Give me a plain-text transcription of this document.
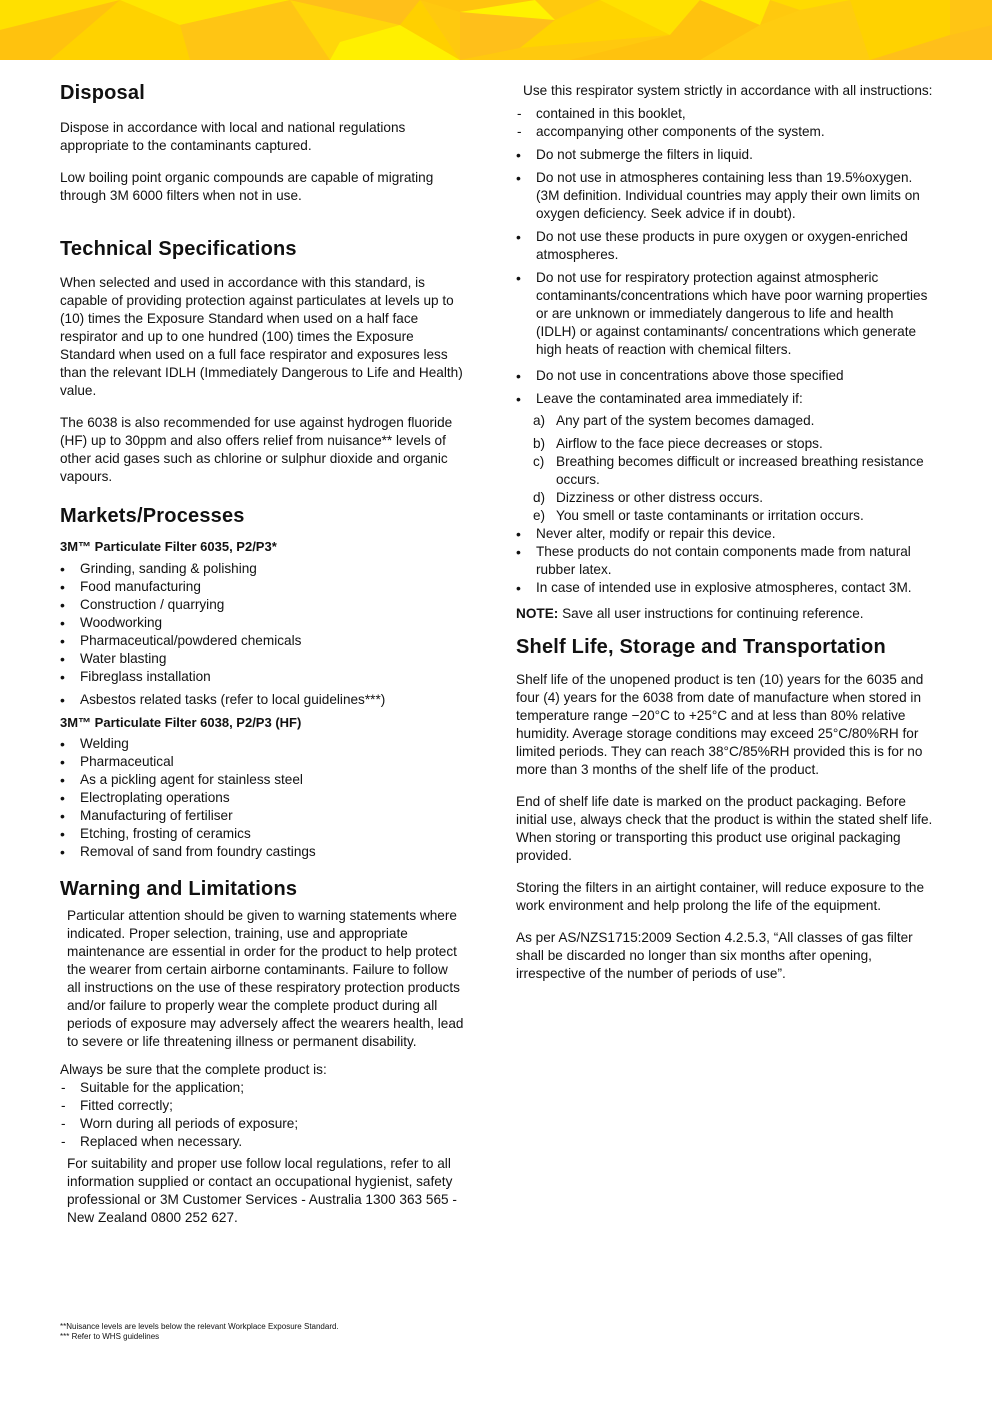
Disposal

Dispose in accordance with local and national regulations appropriate to the contaminants captured.

Low boiling point organic compounds are capable of migrating through 3M 6000 filters when not in use.

Technical Specifications

When selected and used in accordance with this standard, is capable of providing protection against particulates at levels up to (10) times the Exposure Standard when used on a half face respirator and up to one hundred (100) times the Exposure Standard when used on a full face respirator and exposures less than the relevant IDLH (Immediately Dangerous to Life and Health) value.

The 6038 is also recommended for use against hydrogen fluoride (HF) up to 30ppm and also offers relief from nuisance** levels of other acid gases such as chlorine or sulphur dioxide and organic vapours.

Markets/Processes

3M™ Particulate Filter 6035, P2/P3*

• Grinding, sanding & polishing
• Food manufacturing
• Construction / quarrying
• Woodworking
• Pharmaceutical/powdered chemicals
• Water blasting
• Fibreglass installation
• Asbestos related tasks (refer to local guidelines***)

3M™ Particulate Filter 6038, P2/P3 (HF)

• Welding
• Pharmaceutical
• As a pickling agent for stainless steel
• Electroplating operations
• Manufacturing of fertiliser
• Etching, frosting of ceramics
• Removal of sand from foundry castings
Warning and Limitations

Particular attention should be given to warning statements where indicated. Proper selection, training, use and appropriate maintenance are essential in order for the product to help protect the wearer from certain airborne contaminants. Failure to follow all instructions on the use of these respiratory protection products and/or failure to properly wear the complete product during all periods of exposure may adversely affect the wearers health, lead to severe or life threatening illness or permanent disability.

Always be sure that the complete product is:

- Suitable for the application;
- Fitted correctly;
- Worn during all periods of exposure;
- Replaced when necessary.

For suitability and proper use follow local regulations, refer to all information supplied or contact an occupational hygienist, safety professional or 3M Customer Services - Australia 1300 363 565 - New Zealand 0800 252 627.

Use this respirator system strictly in accordance with all instructions:

- contained in this booklet,
- accompanying other components of the system.
• Do not submerge the filters in liquid.
• Do not use in atmospheres containing less than 19.5%oxygen. (3M definition. Individual countries may apply their own limits on oxygen deficiency. Seek advice if in doubt).
• Do not use these products in pure oxygen or oxygen-enriched atmospheres.
• Do not use for respiratory protection against atmospheric contaminants/concentrations which have poor warning properties or are unknown or immediately dangerous to life and health (IDLH) or against contaminants/ concentrations which generate high heats of reaction with chemical filters.
• Do not use in concentrations above those specified
• Leave the contaminated area immediately if:
a) Any part of the system becomes damaged.
b) Airflow to the face piece decreases or stops.
c) Breathing becomes difficult or increased breathing resistance occurs.
d) Dizziness or other distress occurs.
e) You smell or taste contaminants or irritation occurs.
• Never alter, modify or repair this device.
• These products do not contain components made from natural rubber latex.
• In case of intended use in explosive atmospheres, contact 3M.

NOTE: Save all user instructions for continuing reference.

Shelf Life, Storage and Transportation

Shelf life of the unopened product is ten (10) years for the 6035 and four (4) years for the 6038 from date of manufacture when stored in temperature range −20°C to +25°C and at less than 80% relative humidity. Average storage conditions may exceed 25°C/80%RH for limited periods. They can reach 38°C/85%RH provided this is for no more than 3 months of the shelf life of the product.

End of shelf life date is marked on the product packaging. Before initial use, always check that the product is within the stated shelf life. When storing or transporting this product use original packaging provided.

Storing the filters in an airtight container, will reduce exposure to the work environment and help prolong the life of the equipment.

As per AS/NZS1715:2009 Section 4.2.5.3, “All classes of gas filter shall be discarded no longer than six months after opening, irrespective of the number of periods of use”.

**Nuisance levels are levels below the relevant Workplace Exposure Standard.
*** Refer to WHS guidelines
